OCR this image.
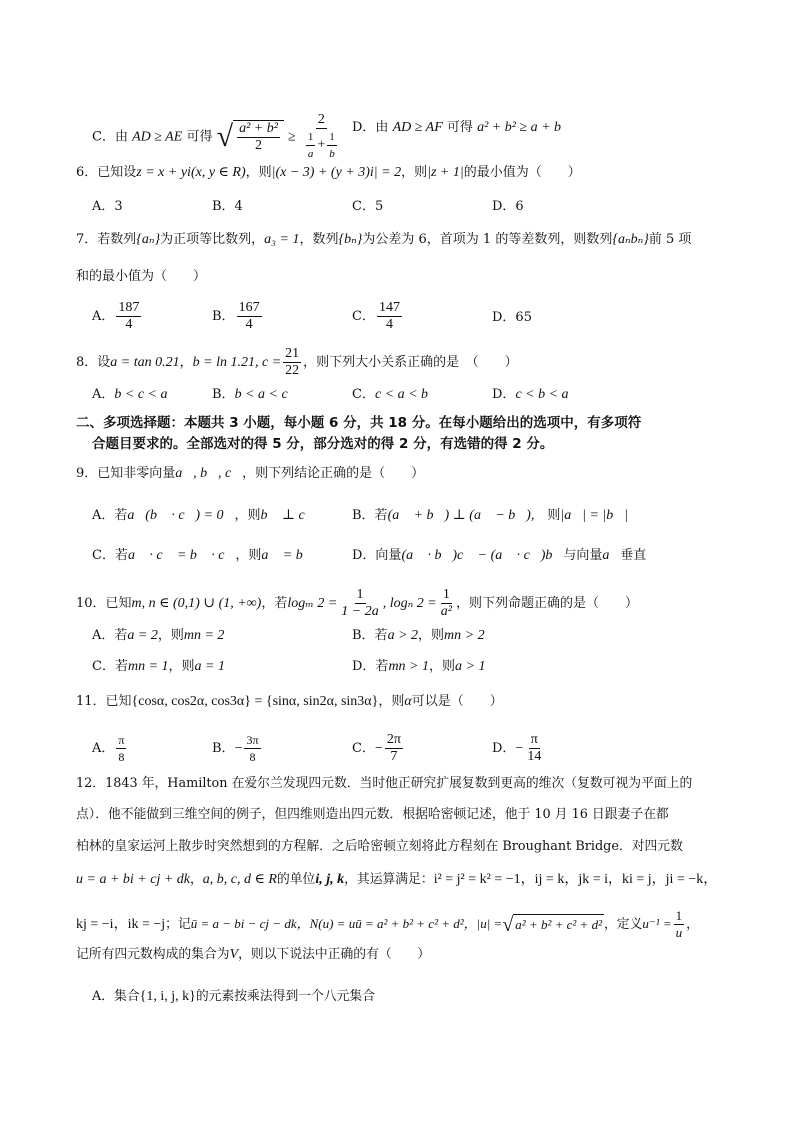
C．由 AD ≥ AE 可得 √ $\frac{\text{a² + b²}}{2} \ge \frac{2}{\frac{1}{a} + \frac{1}{b}}$ D．由 AD ≥ AF 可得 a² + b² ≥ a + b
6．已知设z = x + yi(x, y ∈ R)，则|(x − 3) + (y + 3)i| = 2，则|z + 1|的最小值为（　　）
A．3	B．4	C．5	D．6
7．若数列{aₙ}为正项等比数列，a₃ = 1，数列{bₙ}为公差为 6，首项为 1 的等差数列，则数列{aₙbₙ}前 5 项
和的最小值为（　　）
A． $\frac{187}{4}$	B． $\frac{167}{4}$	C． $\frac{147}{4}$	D．65
8．设a = tan 0.21，b = ln 1.21, $c = \frac{21}{22}$ ，则下列大小关系正确的是　（　　）
A．b < c < a	B．b < a < c	C．c < a < b	D．c < b < a
二、多项选择题：本题共 3 小题，每小题 6 分，共 18 分。在每小题给出的选项中，有多项符
合题目要求的。全部选对的得 5 分，部分选对的得 2 分，有选错的得 2 分。
9．已知非零向量a⃗, b⃗, c⃗，则下列结论正确的是（　　）
A．若a⃗(b⃗ · c⃗) = 0⃗，则b⃗ ⊥ c⃗	B．若(a⃗ + b⃗) ⊥ (a⃗ − b⃗),　则|a⃗| = |b⃗|
C．若a⃗ · c⃗ = b⃗ · c⃗，则a⃗ = b⃗	D．向量(a⃗ · b⃗)c⃗ − (a⃗ · c⃗)b⃗与向量a⃗垂直
10．已知m, n ∈ (0,1) ∪ (1, +∞)，若logₘ $2 = \frac{1}{1 - 2a}$ , logₙ $2 = \frac{1}{\text{a²}}$ ，则下列命题正确的是（　　）
A．若a = 2，则mn = 2	B．若a > 2，则mn > 2
C．若mn = 1，则a = 1	D．若mn > 1，则a > 1
11．已知{cosα, cos2α, cos3α} = {sinα, sin2α, sin3α}，则α可以是（　　）
A． $\frac{\pi}{8}$	B．− $\frac{3\pi}{8}$	C．− $\frac{2\pi}{7}$	D．− $\frac{\pi}{14}$
12．1843 年，Hamilton 在爱尔兰发现四元数．当时他正研究扩展复数到更高的维次（复数可视为平面上的
点）．他不能做到三维空间的例子，但四维则造出四元数．根据哈密顿记述，他于 10 月 16 日跟妻子在都
柏林的皇家运河上散步时突然想到的方程解．之后哈密顿立刻将此方程刻在 Broughant Bridge．对四元数
u = a + bi + cj + dk，a, b, c, d ∈ R的单位i, j, k，其运算满足：i² = j² = k² = −1，ij = k，jk = i，ki = j，ji = −k，
kj = −i，ik = −j；记ū = a − bi − cj − dk，N(u) = uū = a² + b² + c² + d²，|u| = √ a² + b² + c² + d² ，定义$u^{-1} = \frac{1}{u}$ ，
记所有四元数构成的集合为V，则以下说法中正确的有（　　）
A．集合{1, i, j, k}的元素按乘法得到一个八元集合
